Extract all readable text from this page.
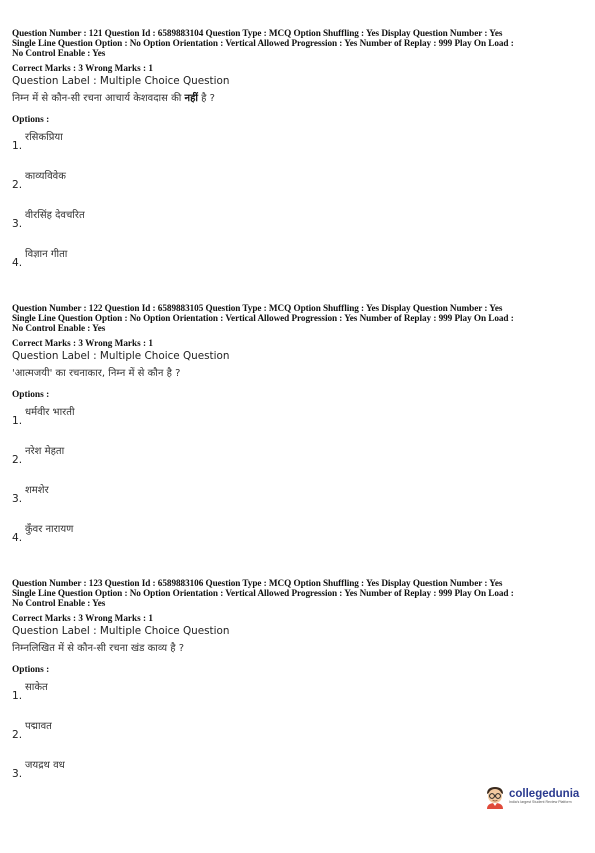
Question Number : 121 Question Id : 6589883104 Question Type : MCQ Option Shuffling : Yes Display Question Number : Yes

Single Line Question Option : No Option Orientation : Vertical Allowed Progression : Yes Number of Replay : 999 Play On Load :

No Control Enable : Yes

Correct Marks : 3 Wrong Marks : 1
Question Label : Multiple Choice Question
निम्न में से कौन-सी रचना आचार्य केशवदास की नहीं है ?
Options :
1.
रसिकप्रिया
2.
काव्यविवेक
3.
वीरसिंह देवचरित
4.
विज्ञान गीता

Question Number : 122 Question Id : 6589883105 Question Type : MCQ Option Shuffling : Yes Display Question Number : Yes

Single Line Question Option : No Option Orientation : Vertical Allowed Progression : Yes Number of Replay : 999 Play On Load :

No Control Enable : Yes

Correct Marks : 3 Wrong Marks : 1
Question Label : Multiple Choice Question
'आत्मजयी' का रचनाकार, निम्न में से कौन है ?
Options :
1.
धर्मवीर भारती
2.
नरेश मेहता
3.
शमशेर
4.
कुँवर नारायण

Question Number : 123 Question Id : 6589883106 Question Type : MCQ Option Shuffling : Yes Display Question Number : Yes

Single Line Question Option : No Option Orientation : Vertical Allowed Progression : Yes Number of Replay : 999 Play On Load :

No Control Enable : Yes

Correct Marks : 3 Wrong Marks : 1
Question Label : Multiple Choice Question
निम्नलिखित में से कौन-सी रचना खंड काव्य है ?
Options :
1.
साकेत
2.
पद्मावत
3.
जयद्रथ वध
collegedunia
India's largest Student Review Platform
